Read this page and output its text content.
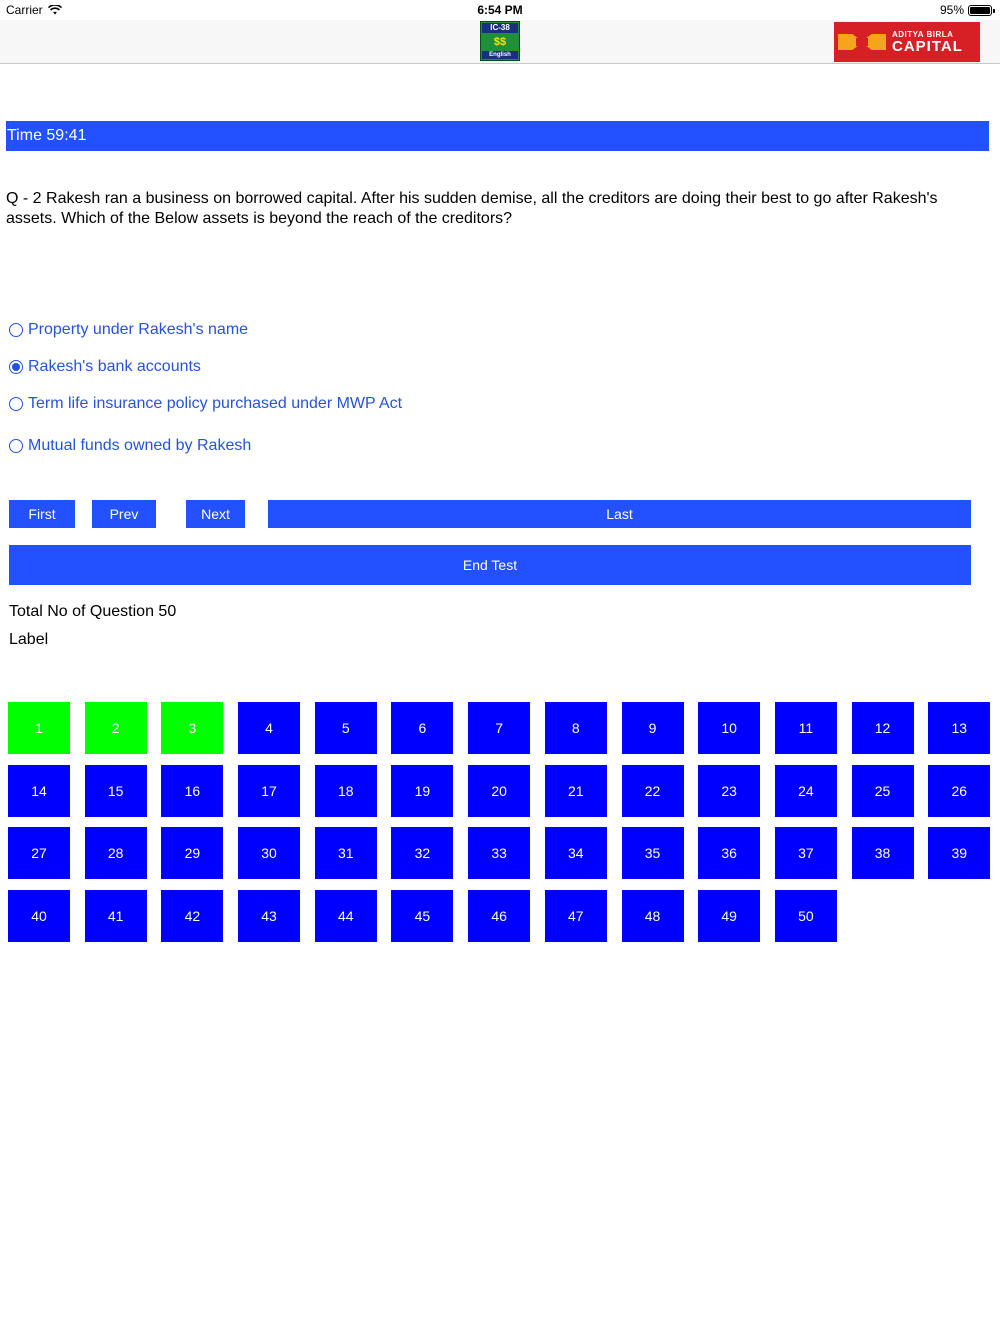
Carrier	6:54 PM	95%
IC-38
$$
English
ADITYA BIRLA
CAPITAL
Time 59:41
Q - 2 Rakesh ran a business on borrowed capital. After his sudden demise, all the creditors are doing their best to go after Rakesh's assets. Which of the Below assets is beyond the reach of the creditors?
Property under Rakesh's name
Rakesh's bank accounts
Term life insurance policy purchased under MWP Act
Mutual funds owned by Rakesh
First	Prev	Next	Last
End Test
Total No of Question 50
Label
1	2	3	4	5	6	7	8	9	10	11	12	13
14	15	16	17	18	19	20	21	22	23	24	25	26
27	28	29	30	31	32	33	34	35	36	37	38	39
40	41	42	43	44	45	46	47	48	49	50
